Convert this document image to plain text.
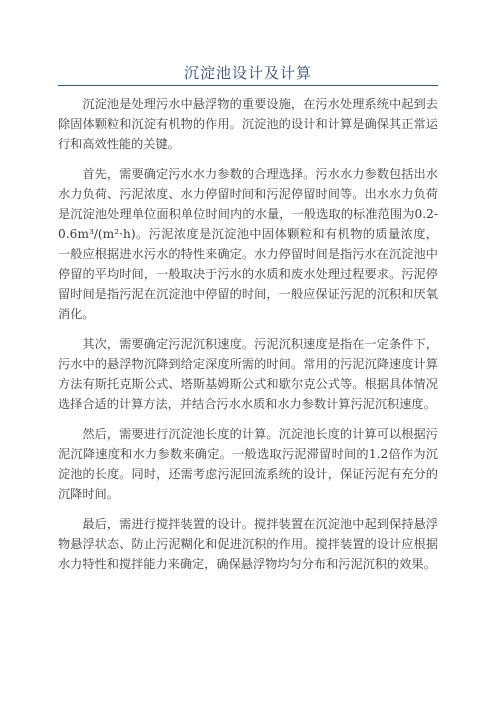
沉淀池设计及计算

沉淀池是处理污水中悬浮物的重要设施，在污水处理系统中起到去除固体颗粒和沉淀有机物的作用。沉淀池的设计和计算是确保其正常运行和高效性能的关键。

首先，需要确定污水水力参数的合理选择。污水水力参数包括出水水力负荷、污泥浓度、水力停留时间和污泥停留时间等。出水水力负荷是沉淀池处理单位面积单位时间内的水量，一般选取的标准范围为0.2-0.6m³/(m²·h)。污泥浓度是沉淀池中固体颗粒和有机物的质量浓度，一般应根据进水污水的特性来确定。水力停留时间是指污水在沉淀池中停留的平均时间，一般取决于污水的水质和废水处理过程要求。污泥停留时间是指污泥在沉淀池中停留的时间，一般应保证污泥的沉积和厌氧消化。

其次，需要确定污泥沉积速度。污泥沉积速度是指在一定条件下，污水中的悬浮物沉降到给定深度所需的时间。常用的污泥沉降速度计算方法有斯托克斯公式、塔斯基姆斯公式和歇尔克公式等。根据具体情况选择合适的计算方法，并结合污水水质和水力参数计算污泥沉积速度。

然后，需要进行沉淀池长度的计算。沉淀池长度的计算可以根据污泥沉降速度和水力参数来确定。一般选取污泥滞留时间的1.2倍作为沉淀池的长度。同时，还需考虑污泥回流系统的设计，保证污泥有充分的沉降时间。

最后，需进行搅拌装置的设计。搅拌装置在沉淀池中起到保持悬浮物悬浮状态、防止污泥糊化和促进沉积的作用。搅拌装置的设计应根据水力特性和搅拌能力来确定，确保悬浮物均匀分布和污泥沉积的效果。
